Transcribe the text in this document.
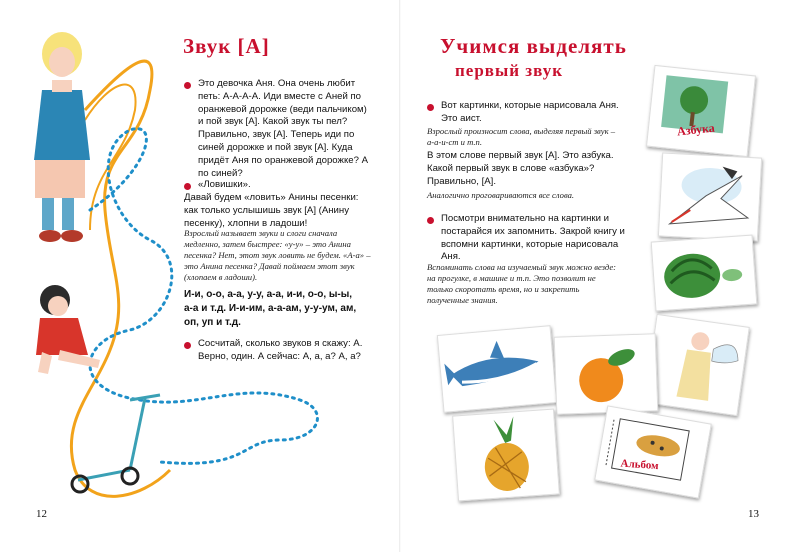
Звук [А]
Это девочка Аня. Она очень любит петь: А-А-А-А. Иди вместе с Аней по оранжевой дорожке (веди пальчиком) и пой звук [А]. Какой звук ты пел? Правильно, звук [А]. Теперь иди по синей дорожке и пой звук [А]. Куда придёт Аня по оранжевой дорожке? А по синей?
«Ловишки».
Давай будем «ловить» Анины песенки: как только услышишь звук [А] (Анину песенку), хлопни в ладоши!
Взрослый называет звуки и слоги сначала медленно, затем быстрее: «у-у» – это Анина песенка? Нет, этот звук ловить не будем. «А-а» – это Анина песенка? Давай поймаем этот звук (хлопаем в ладоши).
И-и, о-о, а-а, у-у, а-а, и-и, о-о, ы-ы,
а-а и т.д. И-и-им, а-а-ам, у-у-ум, ам,
оп, уп и т.д.
Сосчитай, сколько звуков я скажу: А. Верно, один. А сейчас: А, а, а? А, а?
12
Учимся выделять
первый звук
Вот картинки, которые нарисовала Аня. Это аист.
Взрослый произносит слова, выделяя первый звук – а-а-и-ст и т.п.
В этом слове первый звук [А]. Это азбука. Какой первый звук в слове «азбука»? Правильно, [А].
Аналогично проговариваются все слова.
Посмотри внимательно на картинки и постарайся их запомнить. Закрой книгу и вспомни картинки, которые нарисовала Аня.
Вспоминать слова на изучаемый звук можно везде: на прогулке, в машине и т.п. Это позволит не только скоротать время, но и закрепить полученные знания.
Азбука
Альбом
13
